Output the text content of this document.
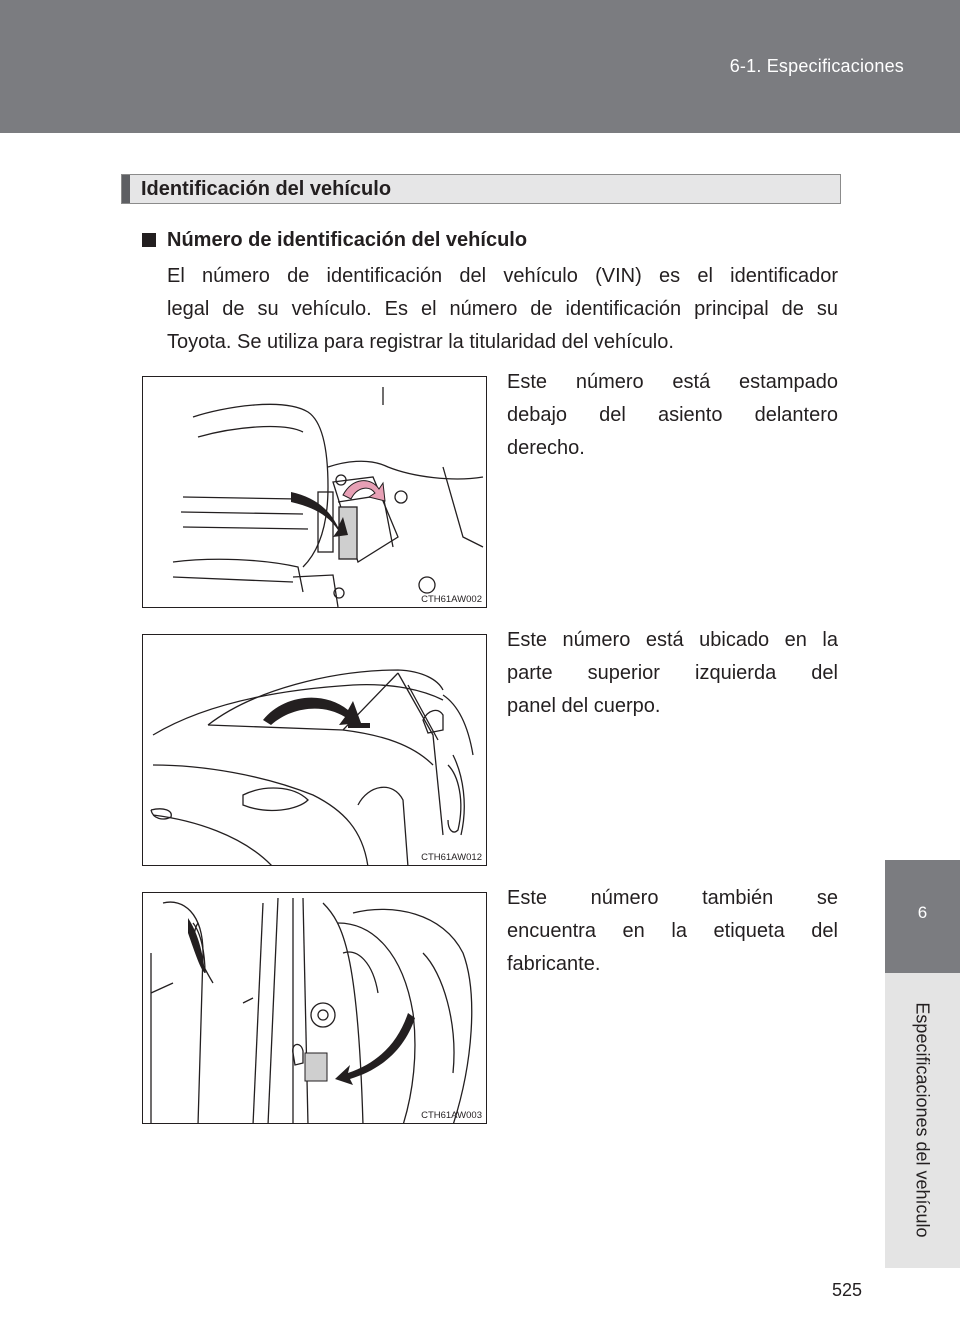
6-1. Especificaciones
6
Especificaciones del vehículo
Identificación del vehículo
Número de identificación del vehículo

El número de identificación del vehículo (VIN) es el identificador
legal de su vehículo. Es el número de identificación principal de su
Toyota. Se utiliza para registrar la titularidad del vehículo.

CTH61AW002
Este número está estampado
debajo del asiento delantero
derecho.
CTH61AW012
Este número está ubicado en la
parte superior izquierda del
panel del cuerpo.
CTH61AW003
Este número también se
encuentra en la etiqueta del
fabricante.
525
